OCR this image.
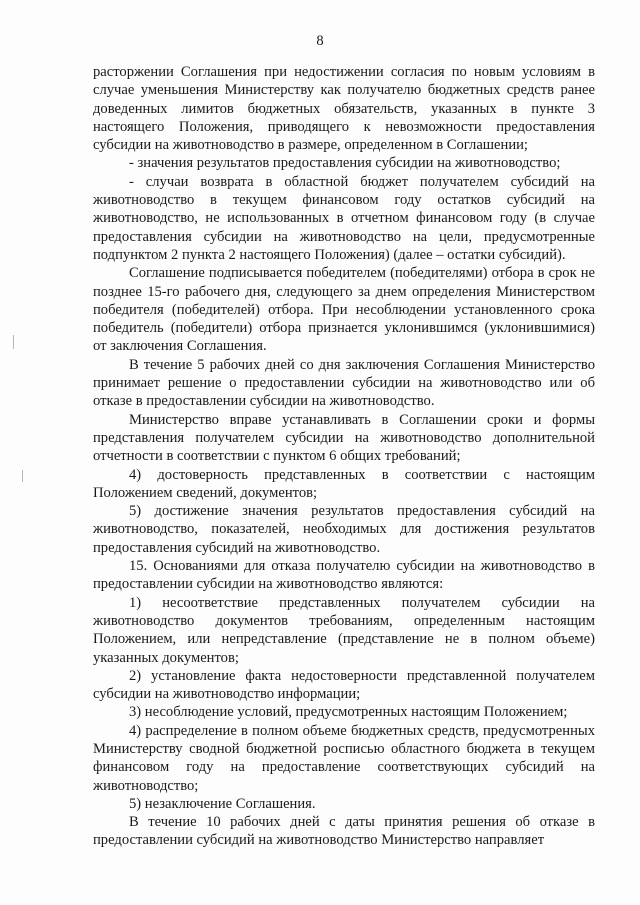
8

расторжении Соглашения при недостижении согласия по новым условиям в случае уменьшения Министерству как получателю бюджетных средств ранее доведенных лимитов бюджетных обязательств, указанных в пункте 3 настоящего Положения, приводящего к невозможности предоставления субсидии на животноводство в размере, определенном в Соглашении;

- значения результатов предоставления субсидии на животноводство;

- случаи возврата в областной бюджет получателем субсидий на животноводство в текущем финансовом году остатков субсидий на животноводство, не использованных в отчетном финансовом году (в случае предоставления субсидии на животноводство на цели, предусмотренные подпунктом 2 пункта 2 настоящего Положения) (далее – остатки субсидий).

Соглашение подписывается победителем (победителями) отбора в срок не позднее 15-го рабочего дня, следующего за днем определения Министерством победителя (победителей) отбора. При несоблюдении установленного срока победитель (победители) отбора признается уклонившимся (уклонившимися) от заключения Соглашения.

В течение 5 рабочих дней со дня заключения Соглашения Министерство принимает решение о предоставлении субсидии на животноводство или об отказе в предоставлении субсидии на животноводство.

Министерство вправе устанавливать в Соглашении сроки и формы представления получателем субсидии на животноводство дополнительной отчетности в соответствии с пунктом 6 общих требований;

4) достоверность представленных в соответствии с настоящим Положением сведений, документов;

5) достижение значения результатов предоставления субсидий на животноводство, показателей, необходимых для достижения результатов предоставления субсидий на животноводство.

15. Основаниями для отказа получателю субсидии на животноводство в предоставлении субсидии на животноводство являются:

1) несоответствие представленных получателем субсидии на животноводство документов требованиям, определенным настоящим Положением, или непредставление (представление не в полном объеме) указанных документов;

2) установление факта недостоверности представленной получателем субсидии на животноводство информации;

3) несоблюдение условий, предусмотренных настоящим Положением;

4) распределение в полном объеме бюджетных средств, предусмотренных Министерству сводной бюджетной росписью областного бюджета в текущем финансовом году на предоставление соответствующих субсидий на животноводство;

5) незаключение Соглашения.

В течение 10 рабочих дней с даты принятия решения об отказе в предоставлении субсидий на животноводство Министерство направляет
